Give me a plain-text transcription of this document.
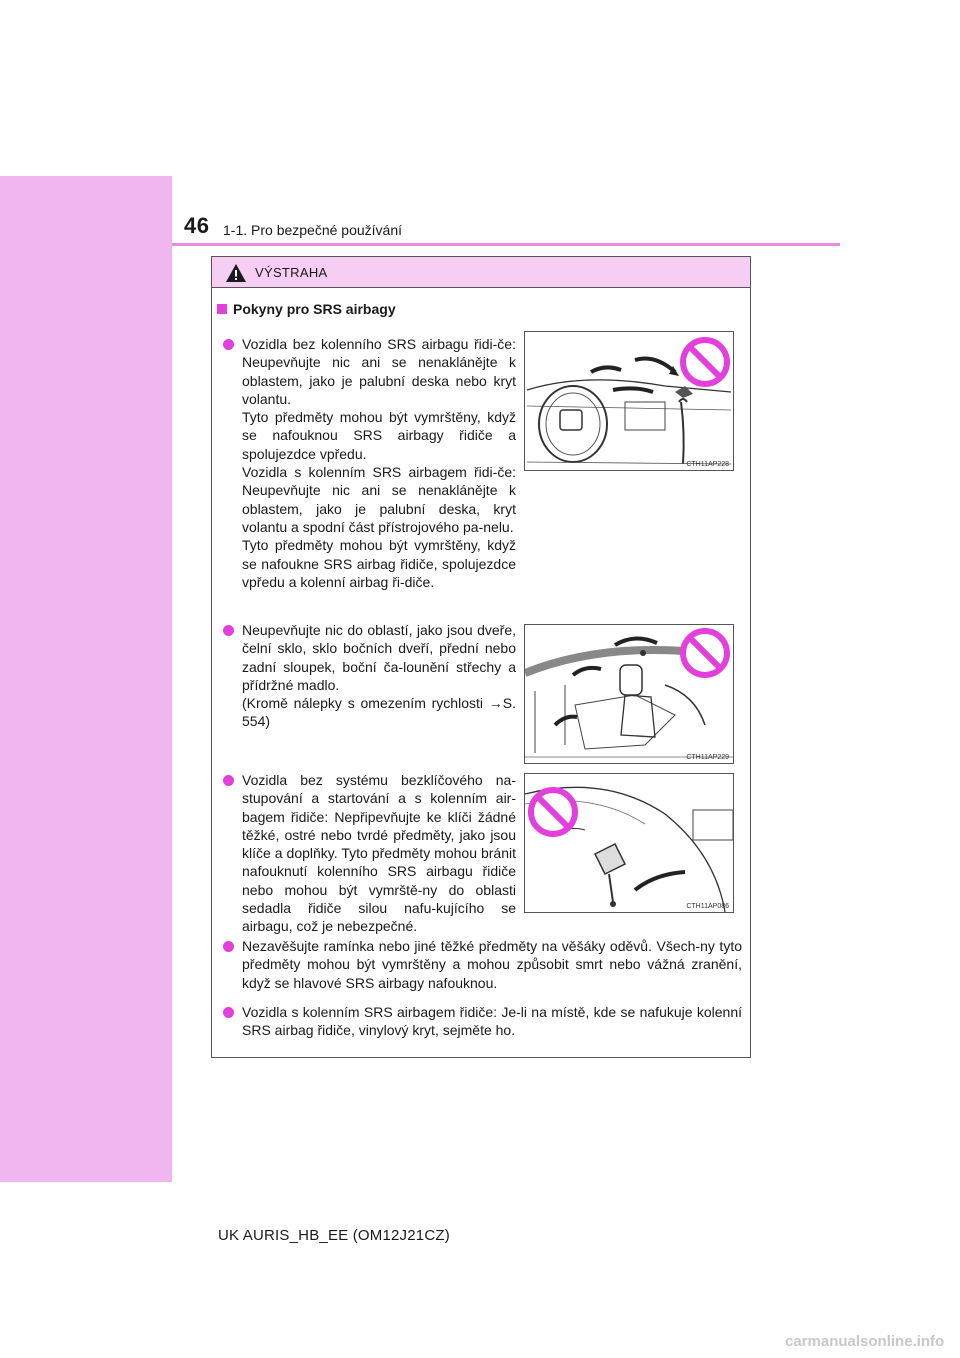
46 1-1. Pro bezpečné používání
VÝSTRAHA
Pokyny pro SRS airbagy

Vozidla bez kolenního SRS airbagu řidi-če: Neupevňujte nic ani se nenaklánějte k oblastem, jako je palubní deska nebo kryt volantu.

Tyto předměty mohou být vymrštěny, když se nafouknou SRS airbagy řidiče a spolujezdce vpředu.

Vozidla s kolenním SRS airbagem řidi-če: Neupevňujte nic ani se nenaklánějte k oblastem, jako je palubní deska, kryt volantu a spodní část přístrojového pa-nelu.

Tyto předměty mohou být vymrštěny, když se nafoukne SRS airbag řidiče, spolujezdce vpředu a kolenní airbag ři-diče.

CTH11AP228

Neupevňujte nic do oblastí, jako jsou dveře, čelní sklo, sklo bočních dveří, přední nebo zadní sloupek, boční ča-lounění střechy a přídržné madlo.

(Kromě nálepky s omezením rychlosti →S. 554)

CTH11AP229

Vozidla bez systému bezklíčového na-stupování a startování a s kolenním air-bagem řidiče: Nepřipevňujte ke klíči žádné těžké, ostré nebo tvrdé předměty, jako jsou klíče a doplňky. Tyto předměty mohou bránit nafouknutí kolenního SRS airbagu řidiče nebo mohou být vymrště-ny do oblasti sedadla řidiče silou nafu-kujícího se airbagu, což je nebezpečné.

CTH11AP086

Nezavěšujte ramínka nebo jiné těžké předměty na věšáky oděvů. Všech-ny tyto předměty mohou být vymrštěny a mohou způsobit smrt nebo vážná zranění, když se hlavové SRS airbagy nafouknou.

Vozidla s kolenním SRS airbagem řidiče: Je-li na místě, kde se nafukuje kolenní SRS airbag řidiče, vinylový kryt, sejměte ho.

UK AURIS_HB_EE (OM12J21CZ)
carmanualsonline.info
